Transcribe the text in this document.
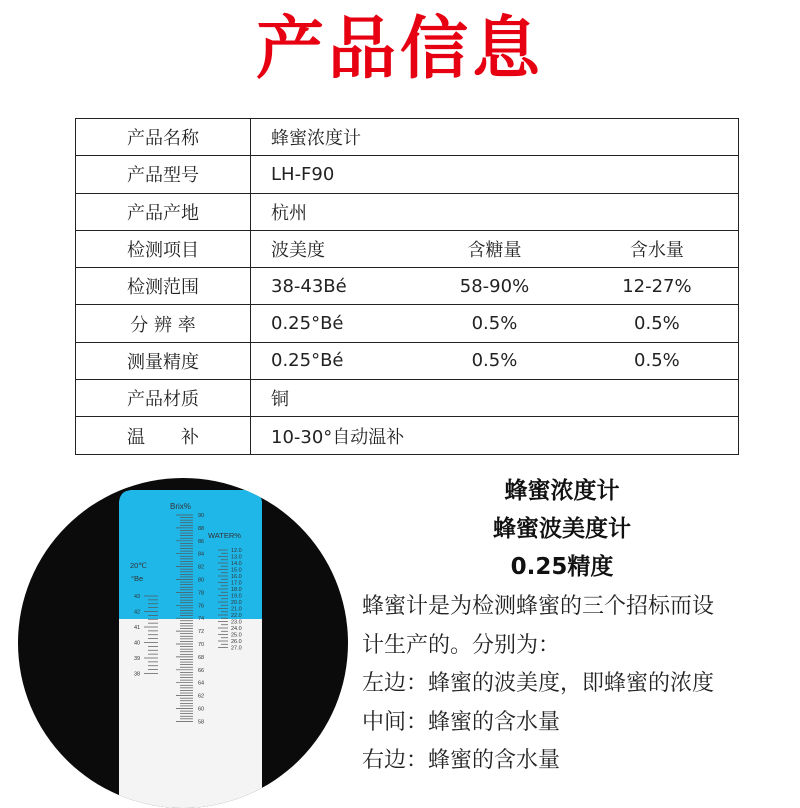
产品信息
产品名称	蜂蜜浓度计		
产品型号	LH-F90		
产品产地	杭州		
检测项目	波美度	含糖量	含水量
检测范围	38-43Bé	58-90%	12-27%
分 辨 率	0.25°Bé	0.5%	0.5%
测量精度	0.25°Bé	0.5%	0.5%
产品材质	铜		
温　　补	10-30°自动温补		
90
88
86
84
82
80
78
76
74
72
70
68
66
64
62
60
58
12.0
13.0
14.0
15.0
16.0
17.0
18.0
19.0
20.0
21.0
22.0
23.0
24.0
25.0
26.0
27.0
43
42
41
40
39
38
Brix%
WATER%
20℃
°Be
蜂蜜浓度计
蜂蜜波美度计
0.25精度

蜂蜜计是为检测蜂蜜的三个招标而设

计生产的。分别为：

左边：蜂蜜的波美度，即蜂蜜的浓度

中间：蜂蜜的含水量

右边：蜂蜜的含水量
